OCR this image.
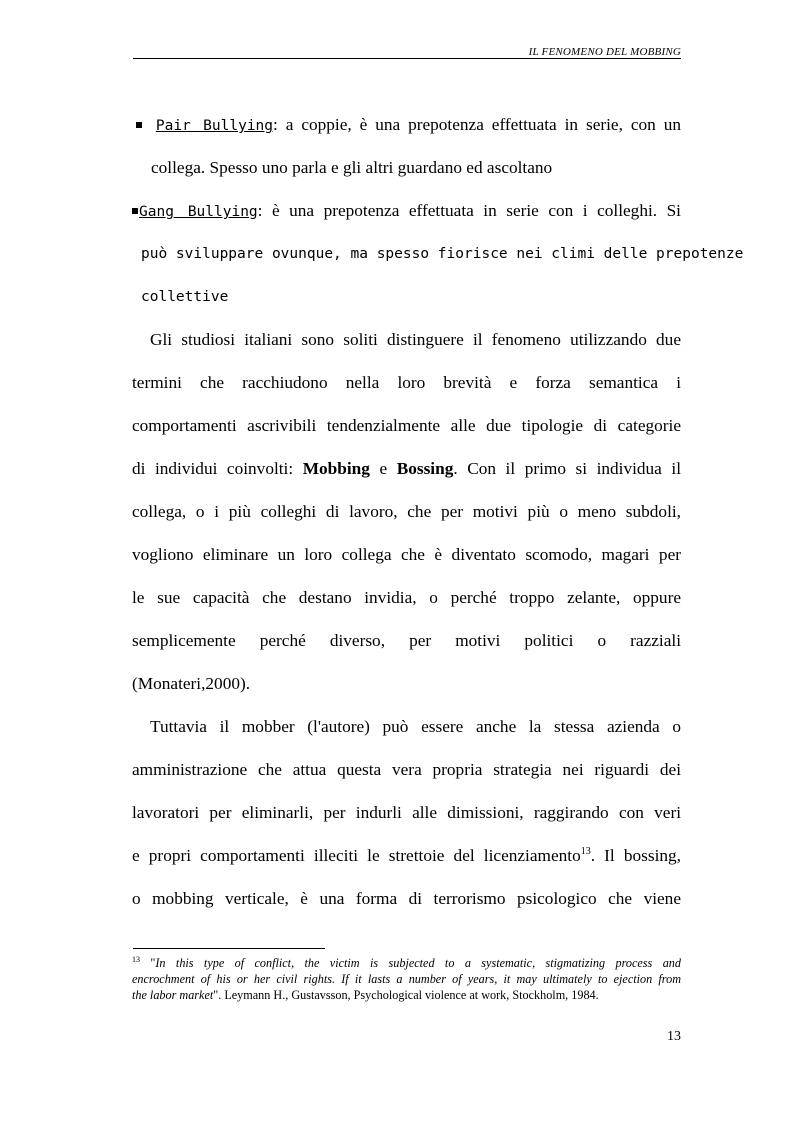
IL FENOMENO DEL MOBBING
Pair Bullying: a coppie, è una prepotenza effettuata in serie, con un
collega. Spesso uno parla e gli altri guardano ed ascoltano
Gang Bullying: è una prepotenza effettuata in serie con i colleghi. Si
può svilupparе ovunque, ma spesso fiorisce nei climi delle prepotenze
collettive
Gli studiosi italiani sono soliti distinguere il fenomeno utilizzando due
termini che racchiudono nella loro brevità e forza semantica i
comportamenti ascrivibili tendenzialmente alle due tipologie di categorie
di individui coinvolti: Mobbing e Bossing. Con il primo si individua il
collega, o i più colleghi di lavoro, che per motivi più o meno subdoli,
vogliono eliminare un loro collega che è diventato scomodo, magari per
le sue capacità che destano invidia, o perché troppo zelante, oppure
semplicemente perché diverso, per motivi politici o razziali
(Monateri,2000).
Tuttavia il mobber (l'autore) può essere anche la stessa azienda o
amministrazione che attua questa vera propria strategia nei riguardi dei
lavoratori per eliminarli, per indurli alle dimissioni, raggirando con veri
e propri comportamenti illeciti le strettoie del licenziamento$^{13}$. Il bossing,
o mobbing verticale, è una forma di terrorismo psicologico che viene
$^{13}$ "In this type of conflict, the victim is subjected to a systematic, stigmatizing process and
encrochment of his or her civil rights. If it lasts a number of years, it may ultimately to ejection from
the labor market". Leymann H., Gustavsson, Psychological violence at work, Stockholm, 1984.
13
